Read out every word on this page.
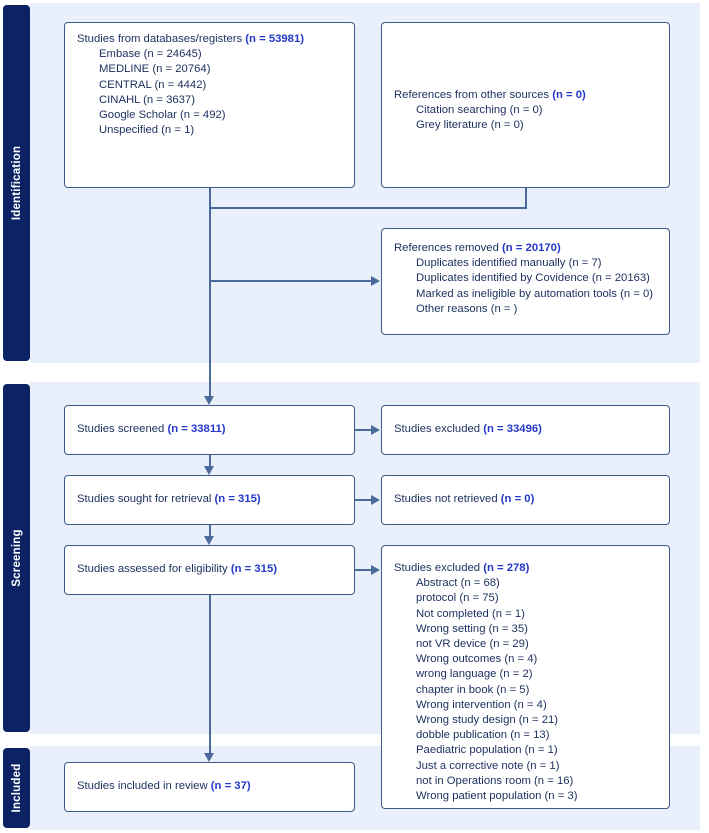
Identification
Screening
Included
Studies from databases/registers (n = 53981)
Embase (n = 24645)
MEDLINE (n = 20764)
CENTRAL (n = 4442)
CINAHL (n = 3637)
Google Scholar (n = 492)
Unspecified (n = 1)
References from other sources (n = 0)
Citation searching (n = 0)
Grey literature (n = 0)
References removed (n = 20170)
Duplicates identified manually (n = 7)
Duplicates identified by Covidence (n = 20163)
Marked as ineligible by automation tools (n = 0)
Other reasons (n = )
Studies screened (n = 33811)	Studies excluded (n = 33496)
Studies sought for retrieval (n = 315)	Studies not retrieved (n = 0)
Studies assessed for eligibility (n = 315)	Studies excluded (n = 278)
Abstract (n = 68)
protocol (n = 75)
Not completed (n = 1)
Wrong setting (n = 35)
not VR device (n = 29)
Wrong outcomes (n = 4)
wrong language (n = 2)
chapter in book (n = 5)
Wrong intervention (n = 4)
Wrong study design (n = 21)
dobble publication (n = 13)
Paediatric population (n = 1)
Just a corrective note (n = 1)
not in Operations room (n = 16)
Wrong patient population (n = 3)
Studies included in review (n = 37)
